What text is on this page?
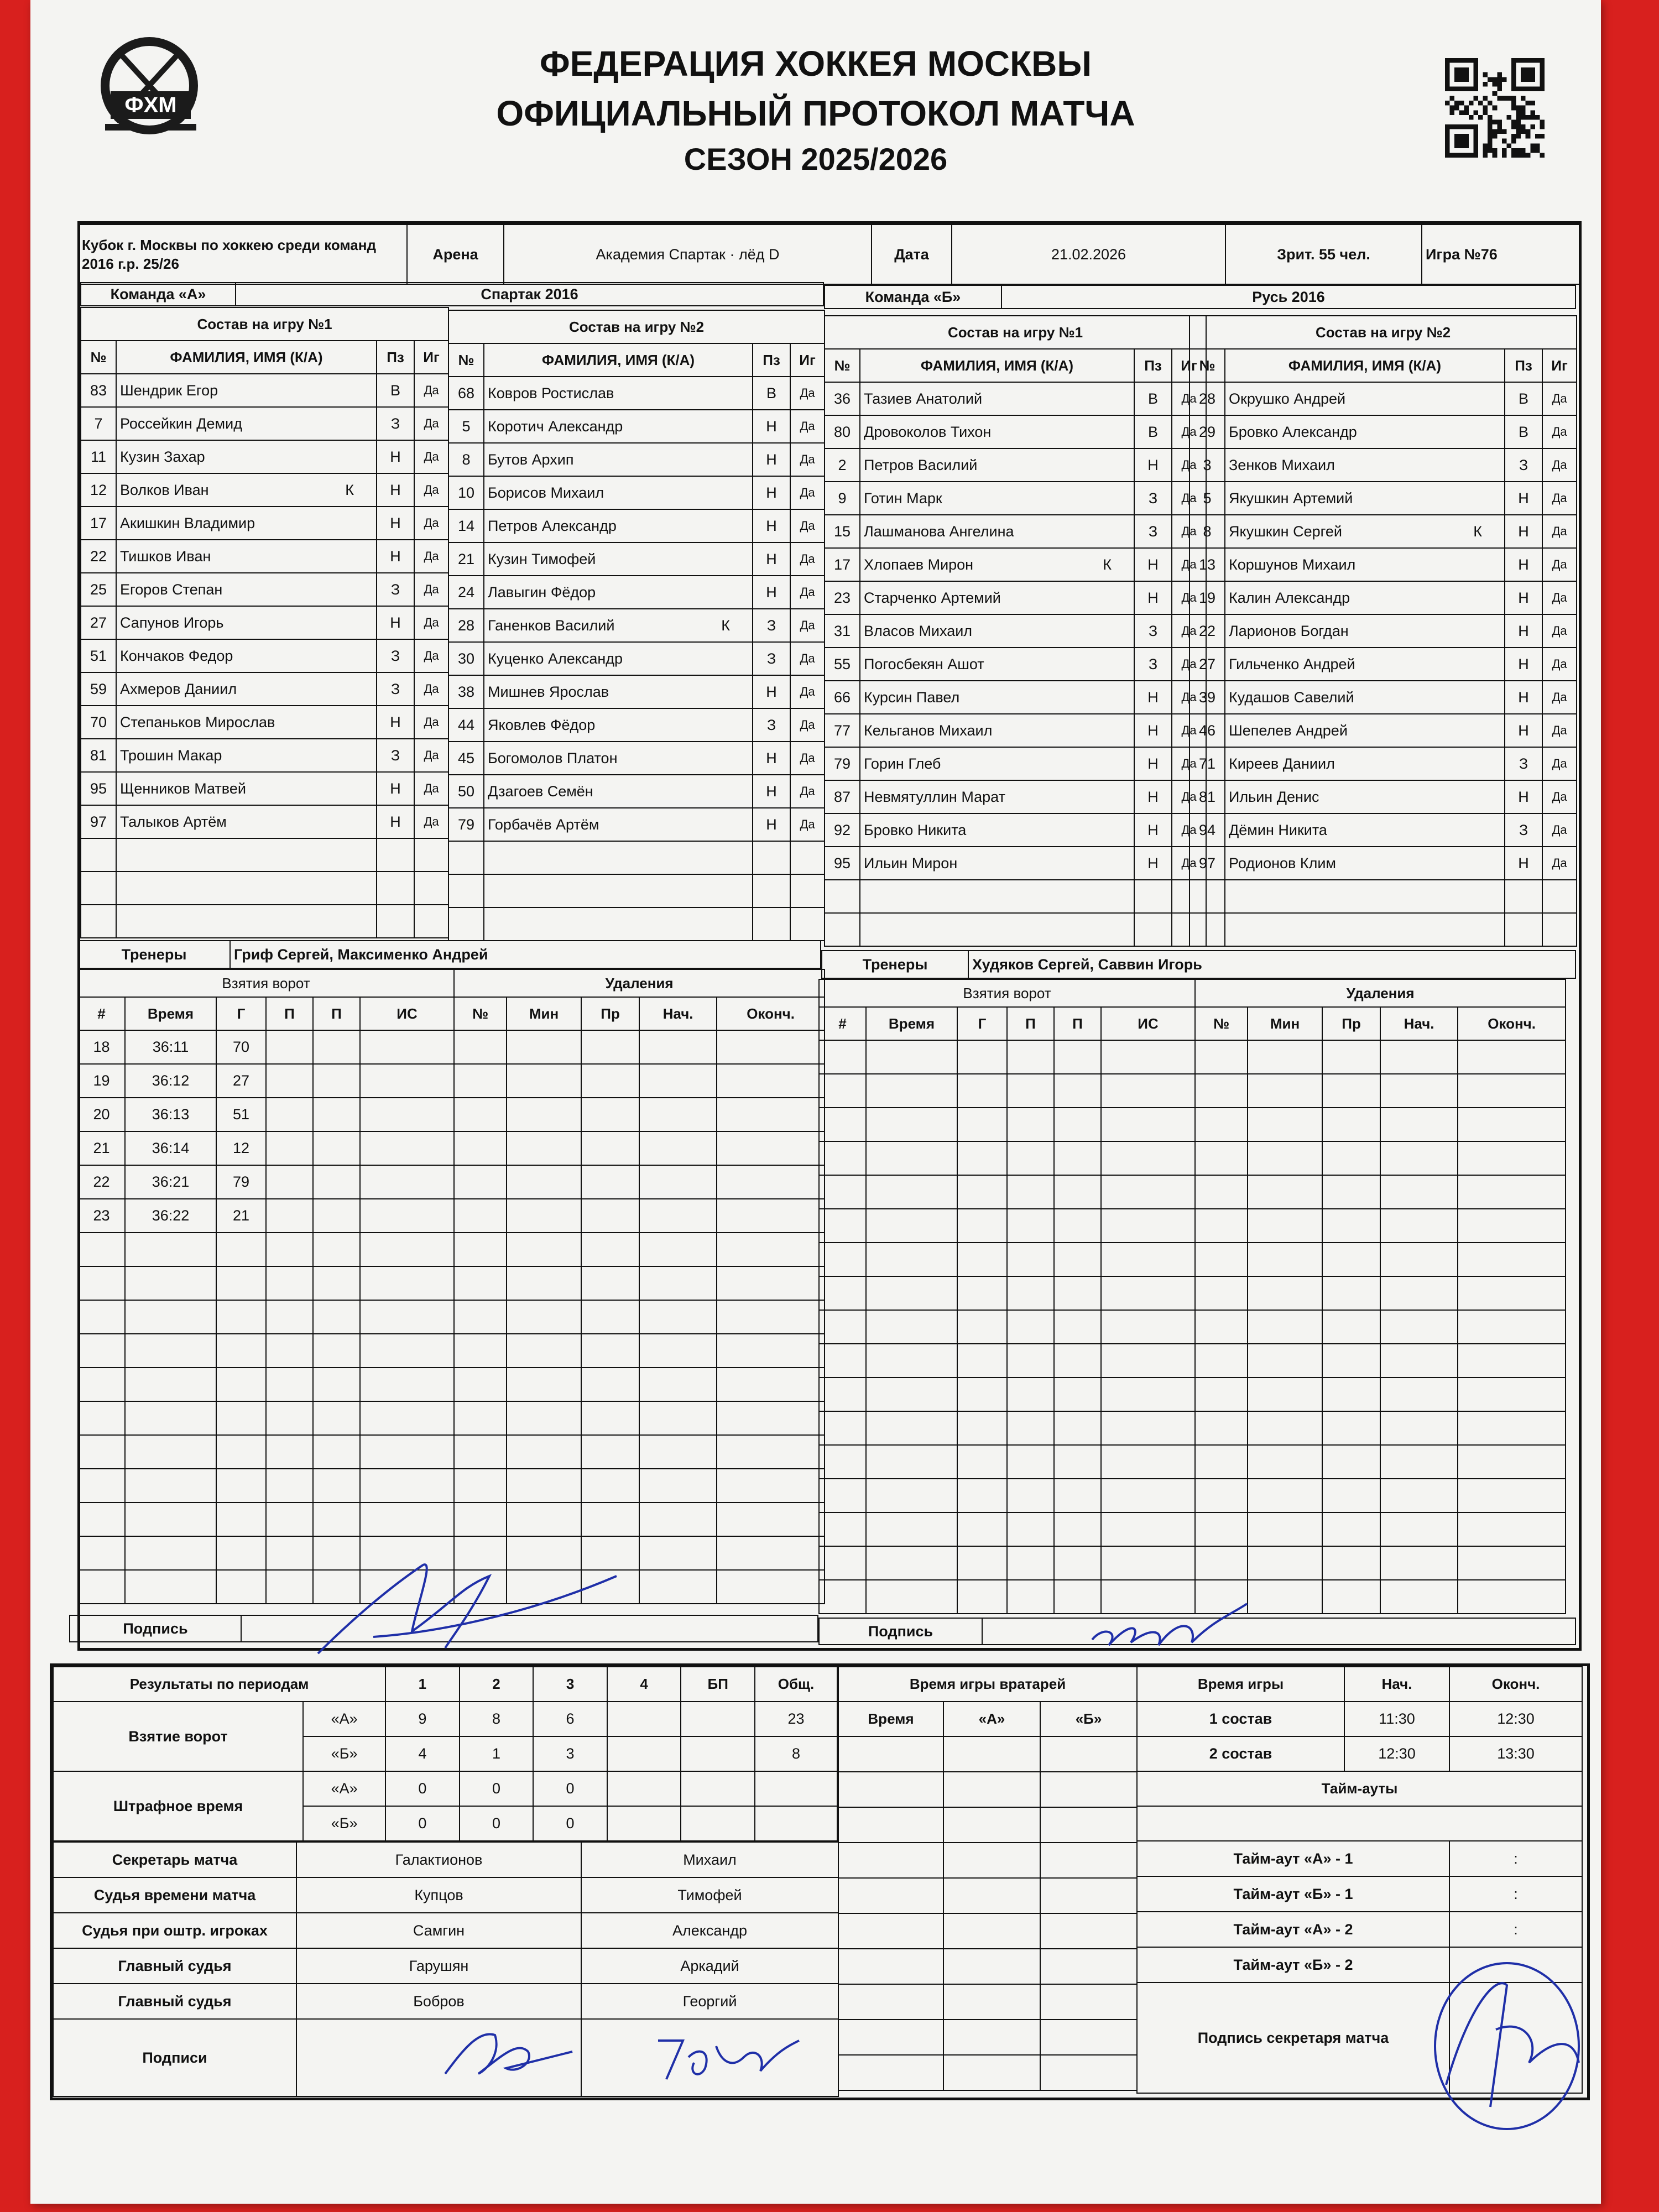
ФХМ
ФЕДЕРАЦИЯ ХОККЕЯ МОСКВЫ
ОФИЦИАЛЬНЫЙ ПРОТОКОЛ МАТЧА
СЕЗОН 2025/2026
Кубок г. Москвы по хоккею среди команд 2016 г.р. 25/26	Арена	Академия Спартак · лёд D	Дата	21.02.2026	Зрит. 55 чел.	Игра №76
Команда «А»	Спартак 2016	Команда «Б»	Русь 2016
Состав на игру №1			
№	ФАМИЛИЯ, ИМЯ (К/А)	Пз	Иг
83	Шендрик Егор	В	Да
7	Россейкин Демид	З	Да
11	Кузин Захар	Н	Да
12	Волков Иван К	Н	Да
17	Акишкин Владимир	Н	Да
22	Тишков Иван	Н	Да
25	Егоров Степан	З	Да
27	Сапунов Игорь	Н	Да
51	Кончаков Федор	З	Да
59	Ахмеров Даниил	З	Да
70	Степаньков Мирослав	Н	Да
81	Трошин Макар	З	Да
95	Щенников Матвей	Н	Да
97	Талыков Артём	Н	Да

Состав на игру №2			
№	ФАМИЛИЯ, ИМЯ (К/А)	Пз	Иг
68	Ковров Ростислав	В	Да
5	Коротич Александр	Н	Да
8	Бутов Архип	Н	Да
10	Борисов Михаил	Н	Да
14	Петров Александр	Н	Да
21	Кузин Тимофей	Н	Да
24	Лавыгин Фёдор	Н	Да
28	Ганенков Василий К	З	Да
30	Куценко Александр	З	Да
38	Мишнев Ярослав	Н	Да
44	Яковлев Фёдор	З	Да
45	Богомолов Платон	Н	Да
50	Дзагоев Семён	Н	Да
79	Горбачёв Артём	Н	Да

Состав на игру №1			
№	ФАМИЛИЯ, ИМЯ (К/А)	Пз	Иг
36	Тазиев Анатолий	В	Да
80	Дровоколов Тихон	В	Да
2	Петров Василий	Н	Да
9	Готин Марк	З	Да
15	Лашманова Ангелина	З	Да
17	Хлопаев Мирон К	Н	Да
23	Старченко Артемий	Н	Да
31	Власов Михаил	З	Да
55	Погосбекян Ашот	З	Да
66	Курсин Павел	Н	Да
77	Кельганов Михаил	Н	Да
79	Горин Глеб	Н	Да
87	Невмятуллин Марат	Н	Да
92	Бровко Никита	Н	Да
95	Ильин Мирон	Н	Да

Состав на игру №2			
№	ФАМИЛИЯ, ИМЯ (К/А)	Пз	Иг
28	Окрушко Андрей	В	Да
29	Бровко Александр	В	Да
3	Зенков Михаил	З	Да
5	Якушкин Артемий	Н	Да
8	Якушкин Сергей К	Н	Да
13	Коршунов Михаил	Н	Да
19	Калин Александр	Н	Да
22	Ларионов Богдан	Н	Да
27	Гильченко Андрей	Н	Да
39	Кудашов Савелий	Н	Да
46	Шепелев Андрей	Н	Да
71	Киреев Даниил	З	Да
81	Ильин Денис	Н	Да
94	Дёмин Никита	З	Да
97	Родионов Клим	Н	Да

Тренеры	Гриф Сергей, Максименко Андрей
Тренеры	Худяков Сергей, Саввин Игорь
Взятия ворот						Удаления				
#	Время	Г	П	П	ИС	№	Мин	Пр	Нач.	Оконч.
18	36:11	70								
19	36:12	27								
20	36:13	51								
21	36:14	12								
22	36:21	79								
23	36:22	21								

Взятия ворот						Удаления				
#	Время	Г	П	П	ИС	№	Мин	Пр	Нач.	Оконч.

Подпись		Подпись	
Результаты по периодам		1	2	3	4	БП	Общ.
Взятие ворот	«А»	9	8	6			23
	«Б»	4	1	3			8
Штрафное время	«А»	0	0	0			
	«Б»	0	0	0			
Секретарь матча	Галактионов	Михаил
Судья времени матча	Купцов	Тимофей
Судья при оштр. игроках	Самгин	Александр
Главный судья	Гарушян	Аркадий
Главный судья	Бобров	Георгий
Подписи		
Время игры вратарей		
Время	«А»	«Б»

Время игры	Нач.	Оконч.
1 состав	11:30	12:30
2 состав	12:30	13:30
Тайм-ауты		

Тайм-аут «А» - 1		:
Тайм-аут «Б» - 1		:
Тайм-аут «А» - 2		:
Тайм-аут «Б» - 2		
Подпись секретаря матча		
